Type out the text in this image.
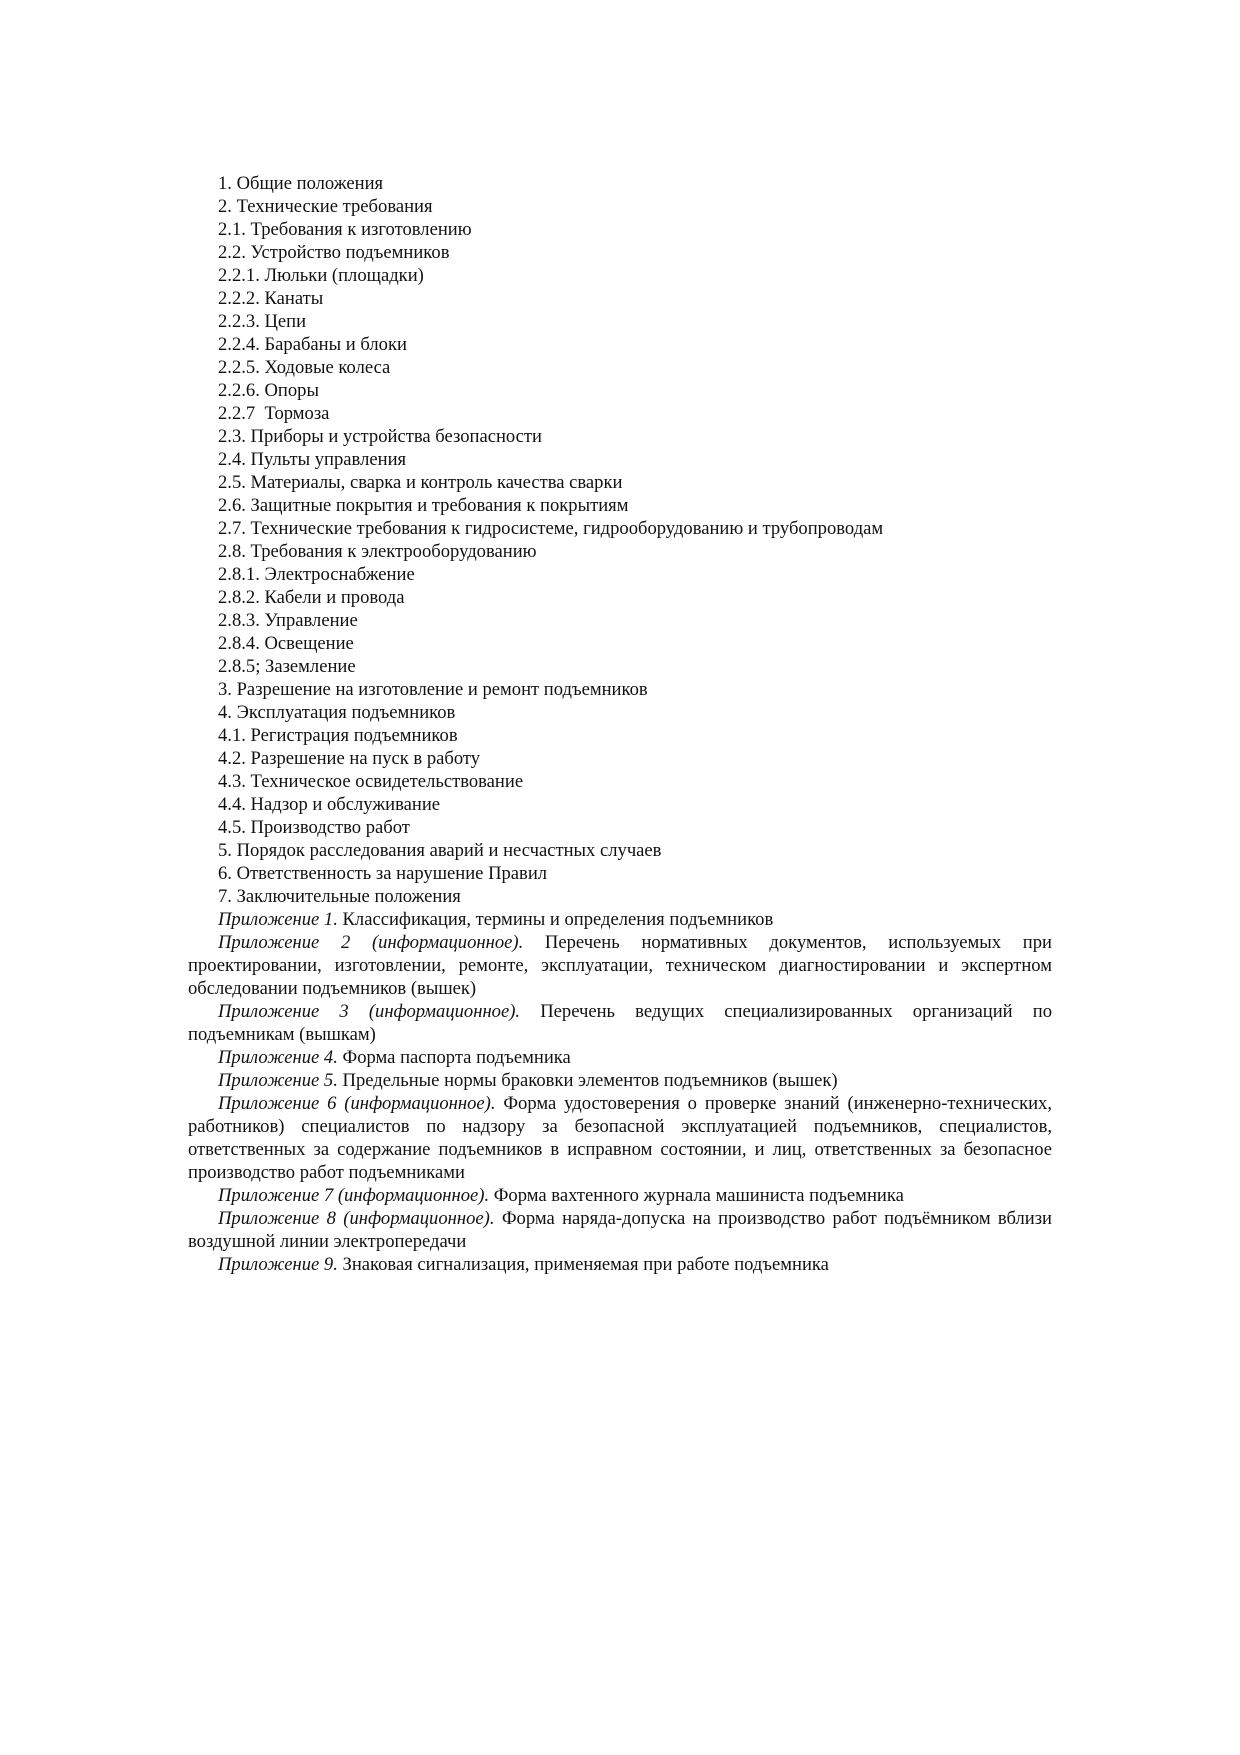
1. Общие положения

2. Технические требования

2.1. Требования к изготовлению

2.2. Устройство подъемников

2.2.1. Люльки (площадки)

2.2.2. Канаты

2.2.3. Цепи

2.2.4. Барабаны и блоки

2.2.5. Ходовые колеса

2.2.6. Опоры

2.2.7  Тормоза

2.3. Приборы и устройства безопасности

2.4. Пульты управления

2.5. Материалы, сварка и контроль качества сварки

2.6. Защитные покрытия и требования к покрытиям

2.7. Технические требования к гидросистеме, гидрооборудованию и трубопроводам

2.8. Требования к электрооборудованию

2.8.1. Электроснабжение

2.8.2. Кабели и провода

2.8.3. Управление

2.8.4. Освещение

2.8.5; Заземление

3. Разрешение на изготовление и ремонт подъемников

4. Эксплуатация подъемников

4.1. Регистрация подъемников

4.2. Разрешение на пуск в работу

4.3. Техническое освидетельствование

4.4. Надзор и обслуживание

4.5. Производство работ

5. Порядок расследования аварий и несчастных случаев

6. Ответственность за нарушение Правил

7. Заключительные положения

Приложение 1. Классификация, термины и определения подъемников

Приложение 2 (информационное). Перечень нормативных документов, используемых при проектировании, изготовлении, ремонте, эксплуатации, техническом диагностировании и экспертном обследовании подъемников (вышек)

Приложение 3 (информационное). Перечень ведущих специализированных организаций по подъемникам (вышкам)

Приложение 4. Форма паспорта подъемника

Приложение 5. Предельные нормы браковки элементов подъемников (вышек)

Приложение 6 (информационное). Форма удостоверения о проверке знаний (инженерно-технических, работников) специалистов по надзору за безопасной эксплуатацией подъемников, специалистов, ответственных за содержание подъемников в исправном состоянии, и лиц, ответственных за безопасное производство работ подъемниками

Приложение 7 (информационное). Форма вахтенного журнала машиниста подъемника

Приложение 8 (информационное). Форма наряда-допуска на производство работ подъёмником вблизи воздушной линии электропередачи

Приложение 9. Знаковая сигнализация, применяемая при работе подъемника
